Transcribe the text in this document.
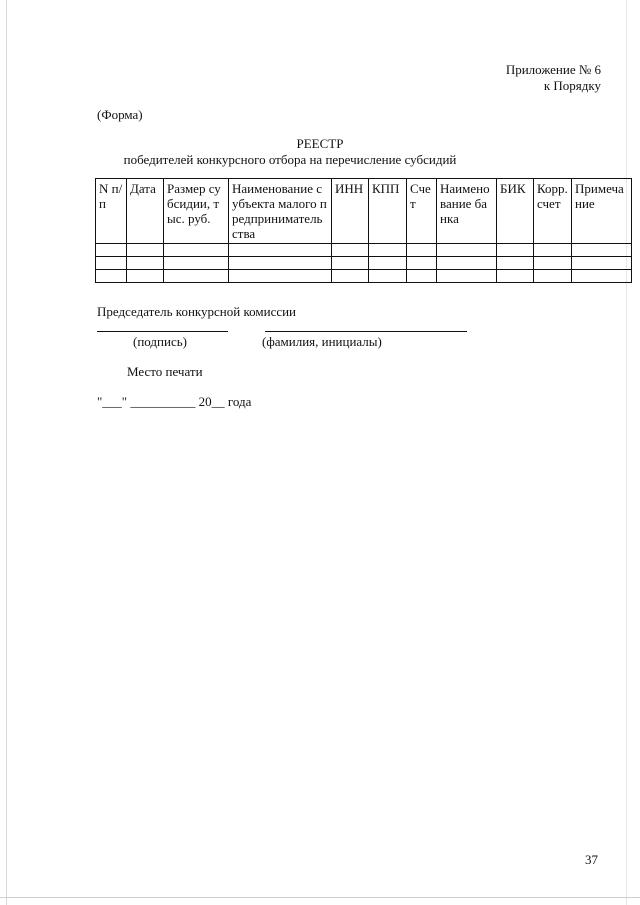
Приложение № 6
к Порядку
(Форма)
РЕЕСТР
победителей конкурсного отбора на перечисление субсидий
N п/п	Дата	Размер субсидии, тыс. руб.	Наименование субъекта малого предприниматель ства	ИНН	КПП	Сче т	Наимено вание банка	БИК	Корр. счет	Примеча ние

Председатель конкурсной комиссии
(подпись)	(фамилия, инициалы)
Место печати
"___" __________ 20__ года
37
